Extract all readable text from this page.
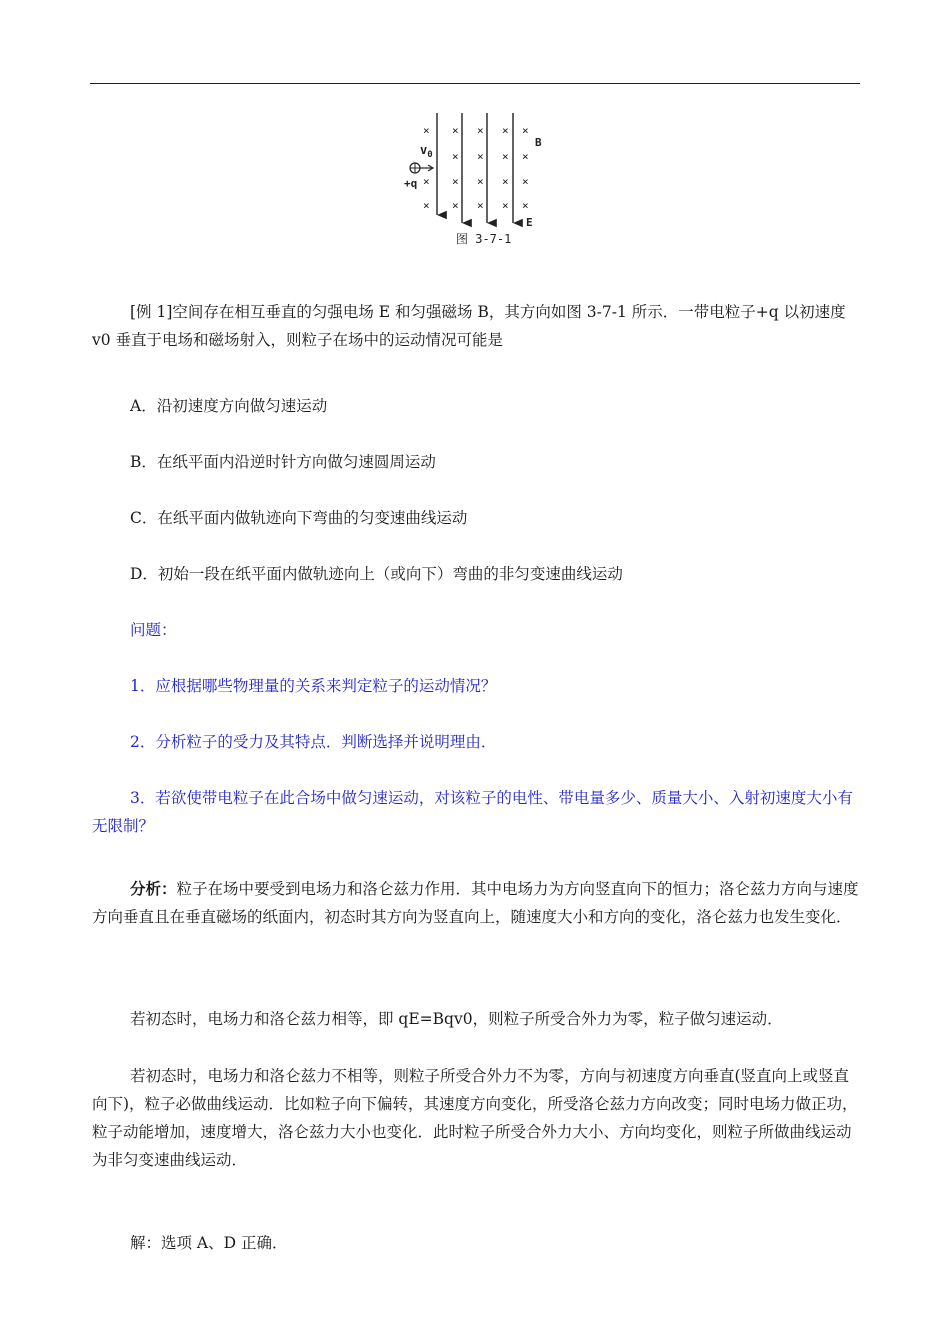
× × × × ×
× × × ×
× × × × ×
× × × × ×
$v_0$
+q
B
E
图 3-7-1

[例 1]空间存在相互垂直的匀强电场 E 和匀强磁场 B，其方向如图 3-7-1 所示．一带电粒子+q 以初速度 v0 垂直于电场和磁场射入，则粒子在场中的运动情况可能是

A．沿初速度方向做匀速运动

B．在纸平面内沿逆时针方向做匀速圆周运动

C．在纸平面内做轨迹向下弯曲的匀变速曲线运动

D．初始一段在纸平面内做轨迹向上（或向下）弯曲的非匀变速曲线运动

问题：

1．应根据哪些物理量的关系来判定粒子的运动情况？

2．分析粒子的受力及其特点．判断选择并说明理由．

3．若欲使带电粒子在此合场中做匀速运动，对该粒子的电性、带电量多少、质量大小、入射初速度大小有无限制？

分析：粒子在场中要受到电场力和洛仑兹力作用．其中电场力为方向竖直向下的恒力；洛仑兹力方向与速度方向垂直且在垂直磁场的纸面内，初态时其方向为竖直向上，随速度大小和方向的变化，洛仑兹力也发生变化．

若初态时，电场力和洛仑兹力相等，即 qE=Bqv0，则粒子所受合外力为零，粒子做匀速运动．

若初态时，电场力和洛仑兹力不相等，则粒子所受合外力不为零，方向与初速度方向垂直(竖直向上或竖直向下)，粒子必做曲线运动．比如粒子向下偏转，其速度方向变化，所受洛仑兹力方向改变；同时电场力做正功，粒子动能增加，速度增大，洛仑兹力大小也变化．此时粒子所受合外力大小、方向均变化，则粒子所做曲线运动为非匀变速曲线运动．

解：选项 A、D 正确．
